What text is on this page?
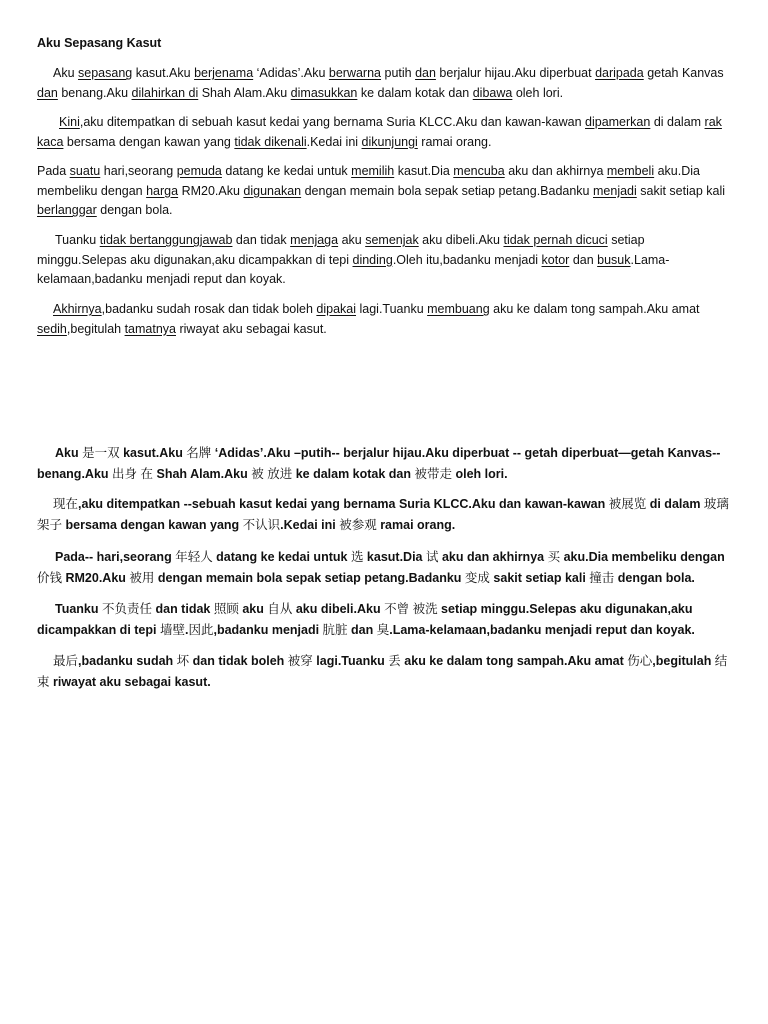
Aku Sepasang Kasut

Aku sepasang kasut.Aku berjenama ‘Adidas’.Aku berwarna putih dan berjalur hijau.Aku diperbuat daripada getah Kanvas dan benang.Aku dilahirkan di Shah Alam.Aku dimasukkan ke dalam kotak dan dibawa oleh lori.

Kini,aku ditempatkan di sebuah kasut kedai yang bernama Suria KLCC.Aku dan kawan-kawan dipamerkan di dalam rak kaca bersama dengan kawan yang tidak dikenali.Kedai ini dikunjungi ramai orang.

Pada suatu hari,seorang pemuda datang ke kedai untuk memilih kasut.Dia mencuba aku dan akhirnya membeli aku.Dia membeliku dengan harga RM20.Aku digunakan dengan memain bola sepak setiap petang.Badanku menjadi sakit setiap kali berlanggar dengan bola.

Tuanku tidak bertanggungjawab dan tidak menjaga aku semenjak aku dibeli.Aku tidak pernah dicuci setiap minggu.Selepas aku digunakan,aku dicampakkan di tepi dinding.Oleh itu,badanku menjadi kotor dan busuk.Lama-kelamaan,badanku menjadi reput dan koyak.

Akhirnya,badanku sudah rosak dan tidak boleh dipakai lagi.Tuanku membuang aku ke dalam tong sampah.Aku amat sedih,begitulah tamatnya riwayat aku sebagai kasut.

Aku 是一双 kasut.Aku 名牌 ‘Adidas’.Aku –putih-- berjalur hijau.Aku diperbuat -- getah diperbuat—getah Kanvas--benang.Aku 出身 在 Shah Alam.Aku 被 放进 ke dalam kotak dan 被带走 oleh lori.

现在,aku ditempatkan --sebuah kasut kedai yang bernama Suria KLCC.Aku dan kawan-kawan 被展览 di dalam 玻璃架子 bersama dengan kawan yang 不认识.Kedai ini 被参观 ramai orang.

Pada-- hari,seorang 年轻人 datang ke kedai untuk 选 kasut.Dia 试 aku dan akhirnya 买 aku.Dia membeliku dengan 价钱 RM20.Aku 被用 dengan memain bola sepak setiap petang.Badanku 变成 sakit setiap kali 撞击 dengan bola.

Tuanku 不负责任 dan tidak 照顾 aku 自从 aku dibeli.Aku 不曾 被洗 setiap minggu.Selepas aku digunakan,aku dicampakkan di tepi 墙壁.因此,badanku menjadi 肮脏 dan 臭.Lama-kelamaan,badanku menjadi reput dan koyak.

最后,badanku sudah 坏 dan tidak boleh 被穿 lagi.Tuanku 丢 aku ke dalam tong sampah.Aku amat 伤心,begitulah 结束 riwayat aku sebagai kasut.
